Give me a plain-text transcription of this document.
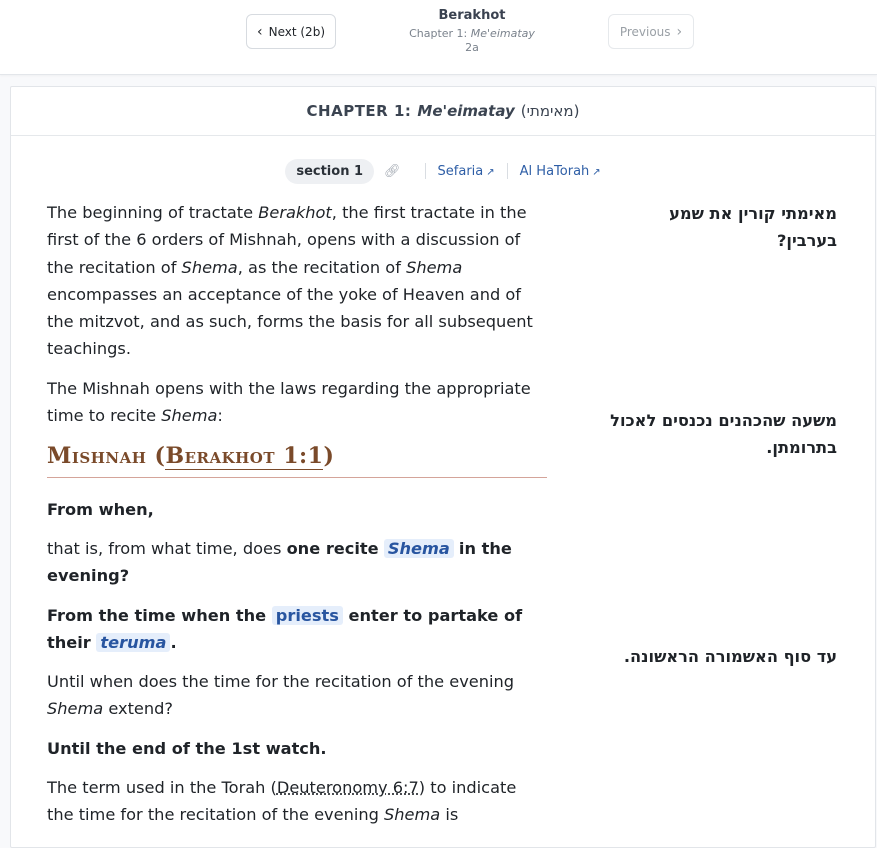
‹ Next (2b)
Berakhot
Chapter 1: Me'eimatay
2a
Previous ›
CHAPTER 1: Me'eimatay (מאימתי)
section 1	🔗︎	Sefaria ↗ Al HaTorah ↗

The beginning of tractate Berakhot, the first tractate in the first of the 6 orders of Mishnah, opens with a discussion of the recitation of Shema, as the recitation of Shema encompasses an acceptance of the yoke of Heaven and of the mitzvot, and as such, forms the basis for all subsequent teachings.

The Mishnah opens with the laws regarding the appropriate time to recite Shema:

Mishnah (Berakhot 1:1)

From when,

that is, from what time, does one recite Shema in the evening?

From the time when the priests enter to partake of their teruma .

Until when does the time for the recitation of the evening Shema extend?

Until the end of the 1st watch.

The term used in the Torah (Deuteronomy 6:7) to indicate the time for the recitation of the evening Shema is

מאימתי קורין את שמע בערבין?
משעה שהכהנים נכנסים לאכול בתרומתן.
עד סוף האשמורה הראשונה.
